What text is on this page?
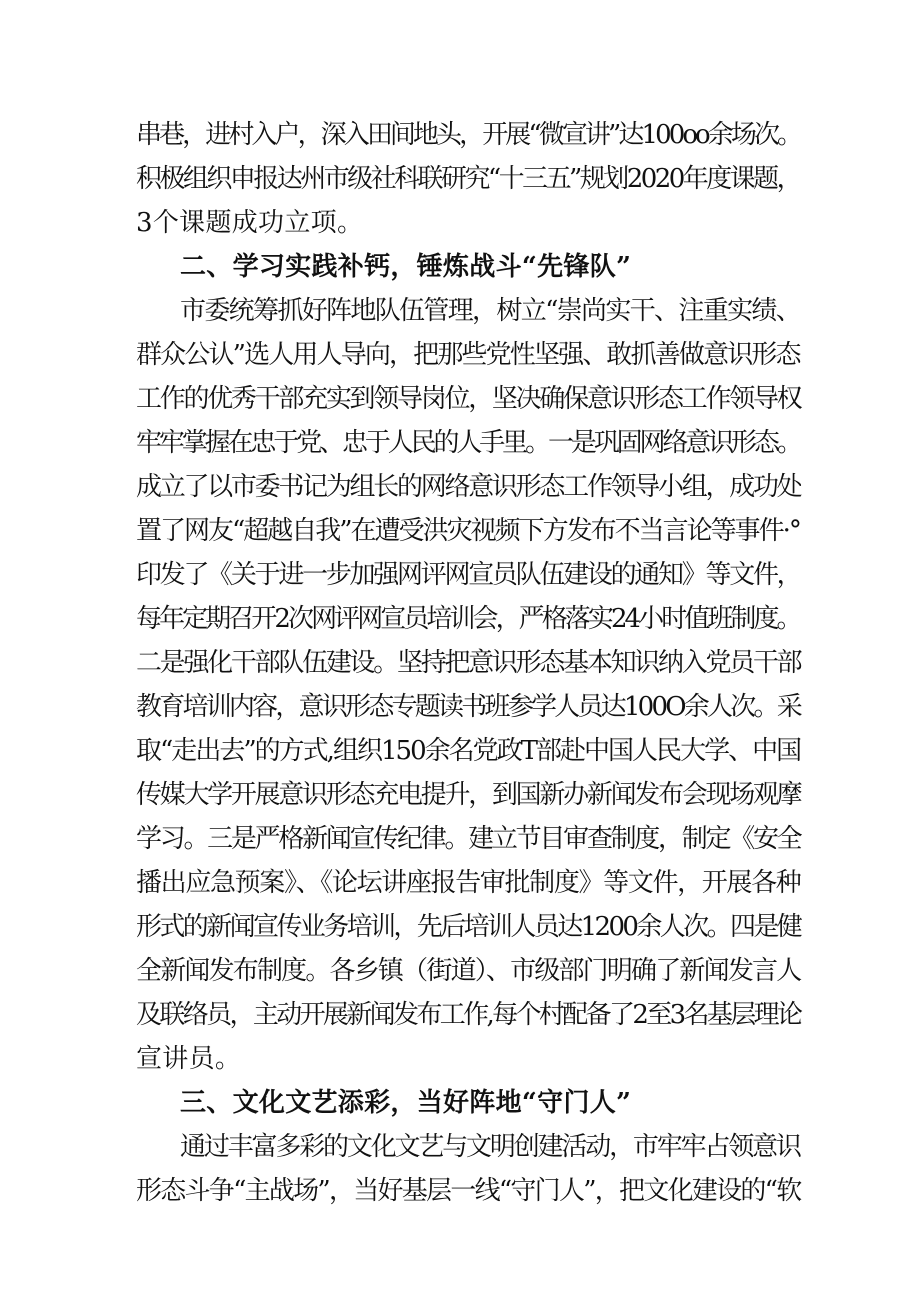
串巷，进村入户，深入田间地头，开展“微宣讲”达100oo余场次。
积极组织申报达州市级社科联研究“十三五”规划2020年度课题，
3个课题成功立项。
二、学习实践补钙，锤炼战斗“先锋队”
市委统筹抓好阵地队伍管理，树立“崇尚实干、注重实绩、
群众公认”选人用人导向，把那些党性坚强、敢抓善做意识形态
工作的优秀干部充实到领导岗位，坚决确保意识形态工作领导权
牢牢掌握在忠于党、忠于人民的人手里。一是巩固网络意识形态。
成立了以市委书记为组长的网络意识形态工作领导小组，成功处
置了网友“超越自我”在遭受洪灾视频下方发布不当言论等事件·°
印发了《关于进一步加强网评网宣员队伍建设的通知》等文件，
每年定期召开2次网评网宣员培训会，严格落实24小时值班制度。
二是强化干部队伍建设。坚持把意识形态基本知识纳入党员干部
教育培训内容，意识形态专题读书班参学人员达100O余人次。采
取“走出去”的方式,组织150余名党政T部赴中国人民大学、中国
传媒大学开展意识形态充电提升，到国新办新闻发布会现场观摩
学习。三是严格新闻宣传纪律。建立节目审查制度，制定《安全
播出应急预案》、《论坛讲座报告审批制度》等文件，开展各种
形式的新闻宣传业务培训，先后培训人员达1200余人次。四是健
全新闻发布制度。各乡镇（街道）、市级部门明确了新闻发言人
及联络员，主动开展新闻发布工作,每个村配备了2至3名基层理论
宣讲员。
三、文化文艺添彩，当好阵地“守门人”
通过丰富多彩的文化文艺与文明创建活动，市牢牢占领意识
形态斗争“主战场”，当好基层一线“守门人”，把文化建设的“软
